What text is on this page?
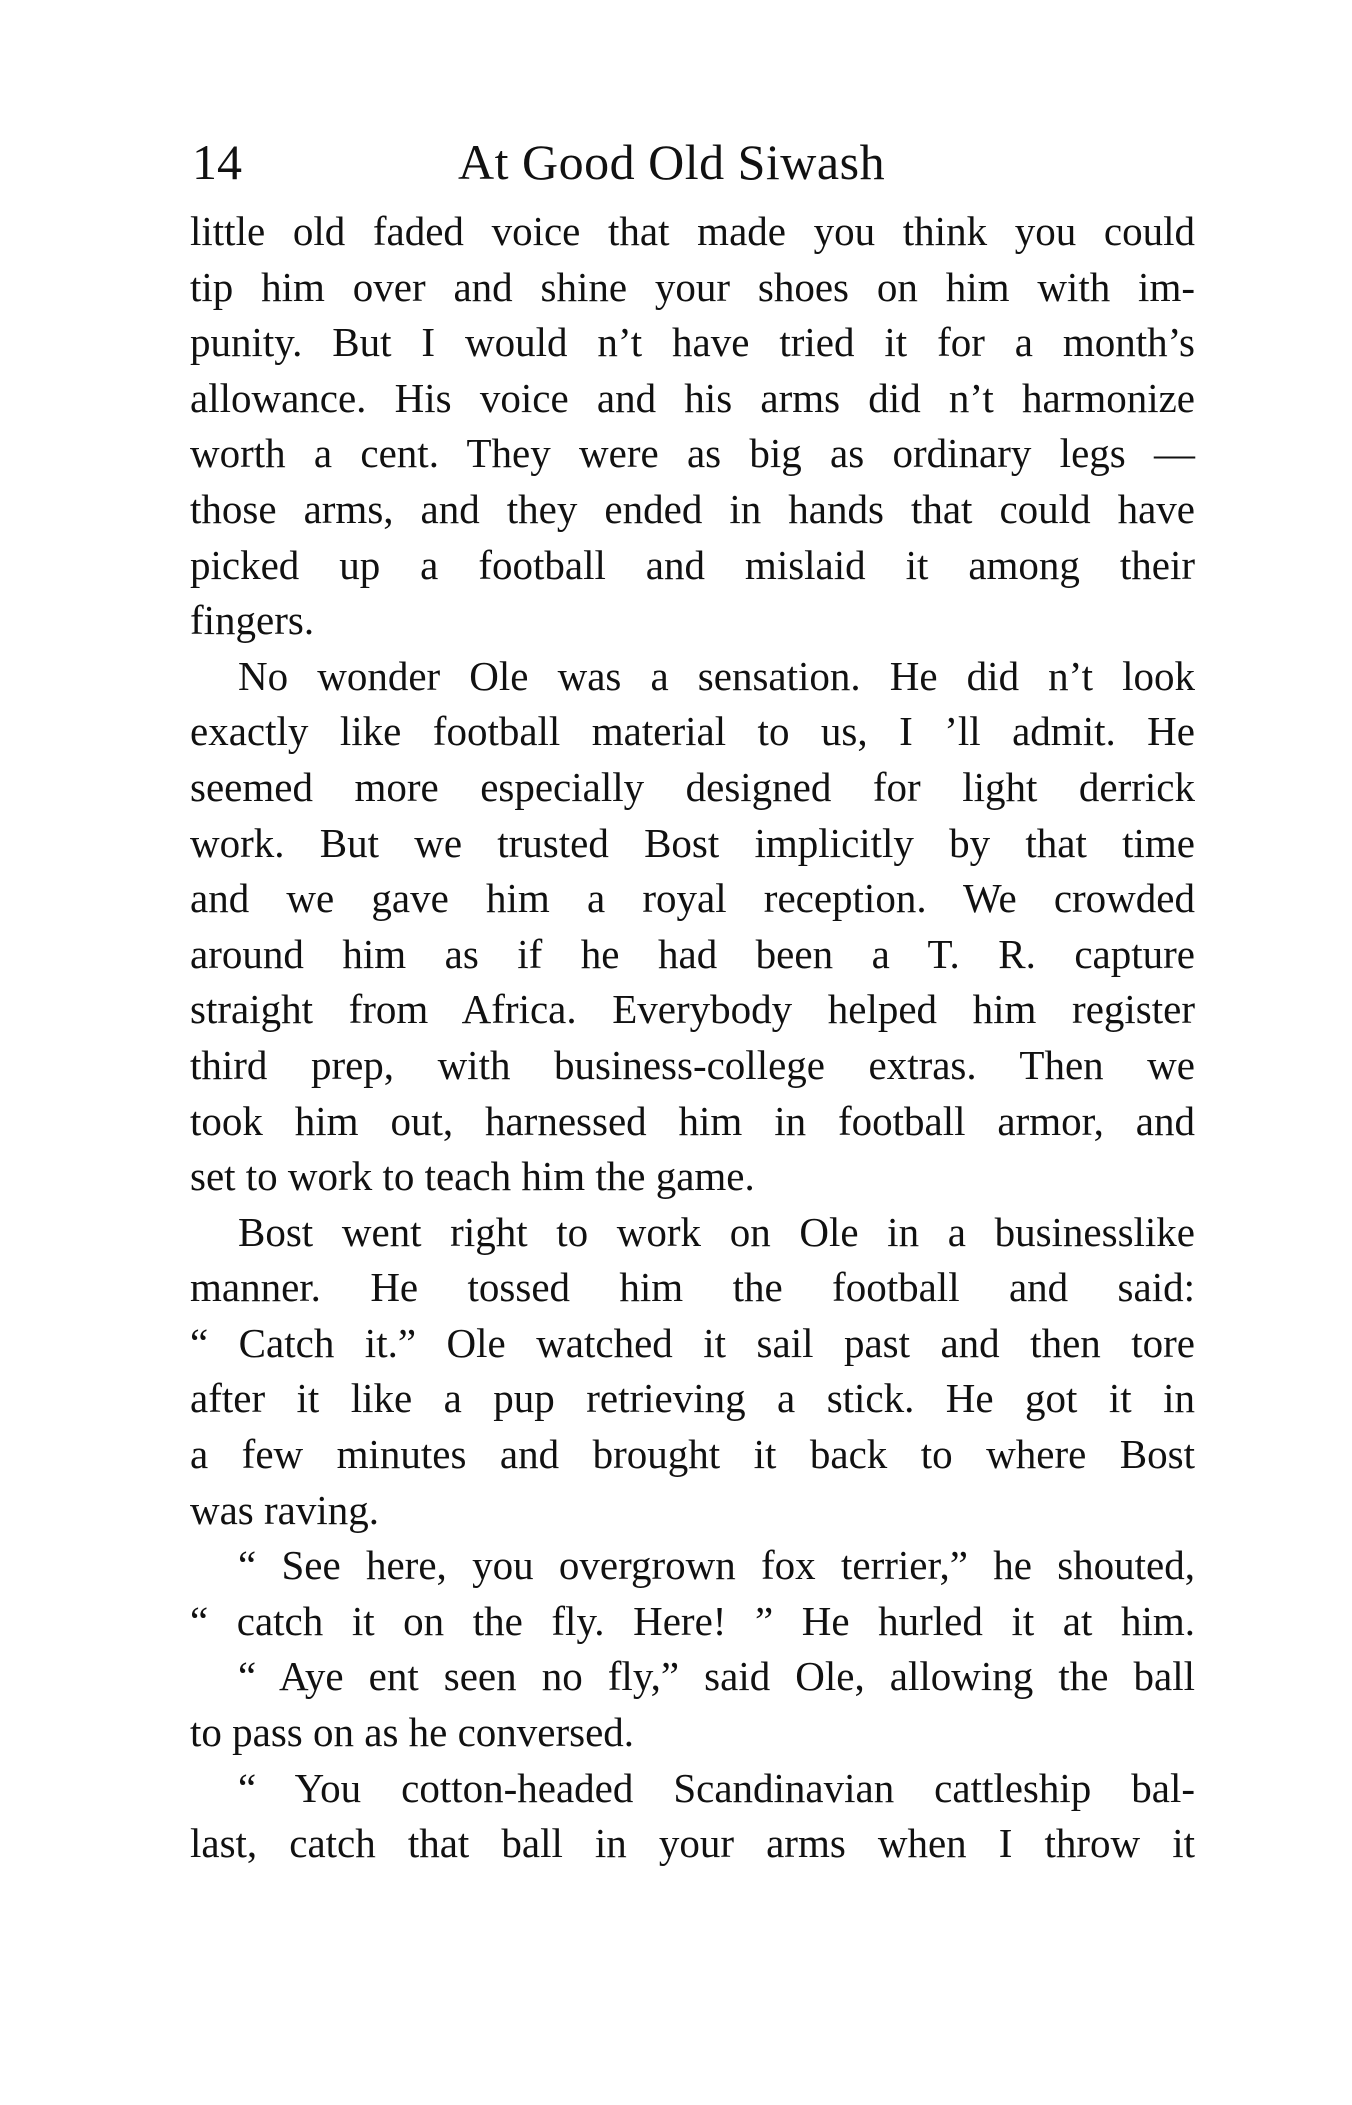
14	At Good Old Siwash
little old faded voice that made you think you could
tip him over and shine your shoes on him with im-
punity. But I would n’t have tried it for a month’s
allowance. His voice and his arms did n’t harmonize
worth a cent. They were as big as ordinary legs —
those arms, and they ended in hands that could have
picked up a football and mislaid it among their
fingers.
No wonder Ole was a sensation. He did n’t look
exactly like football material to us, I ’ll admit. He
seemed more especially designed for light derrick
work. But we trusted Bost implicitly by that time
and we gave him a royal reception. We crowded
around him as if he had been a T. R. capture
straight from Africa. Everybody helped him register
third prep, with business-college extras. Then we
took him out, harnessed him in football armor, and
set to work to teach him the game.
Bost went right to work on Ole in a businesslike
manner. He tossed him the football and said:
“ Catch it.” Ole watched it sail past and then tore
after it like a pup retrieving a stick. He got it in
a few minutes and brought it back to where Bost
was raving.
“ See here, you overgrown fox terrier,” he shouted,
“ catch it on the fly. Here! ” He hurled it at him.
“ Aye ent seen no fly,” said Ole, allowing the ball
to pass on as he conversed.
“ You cotton-headed Scandinavian cattleship bal-
last, catch that ball in your arms when I throw it
